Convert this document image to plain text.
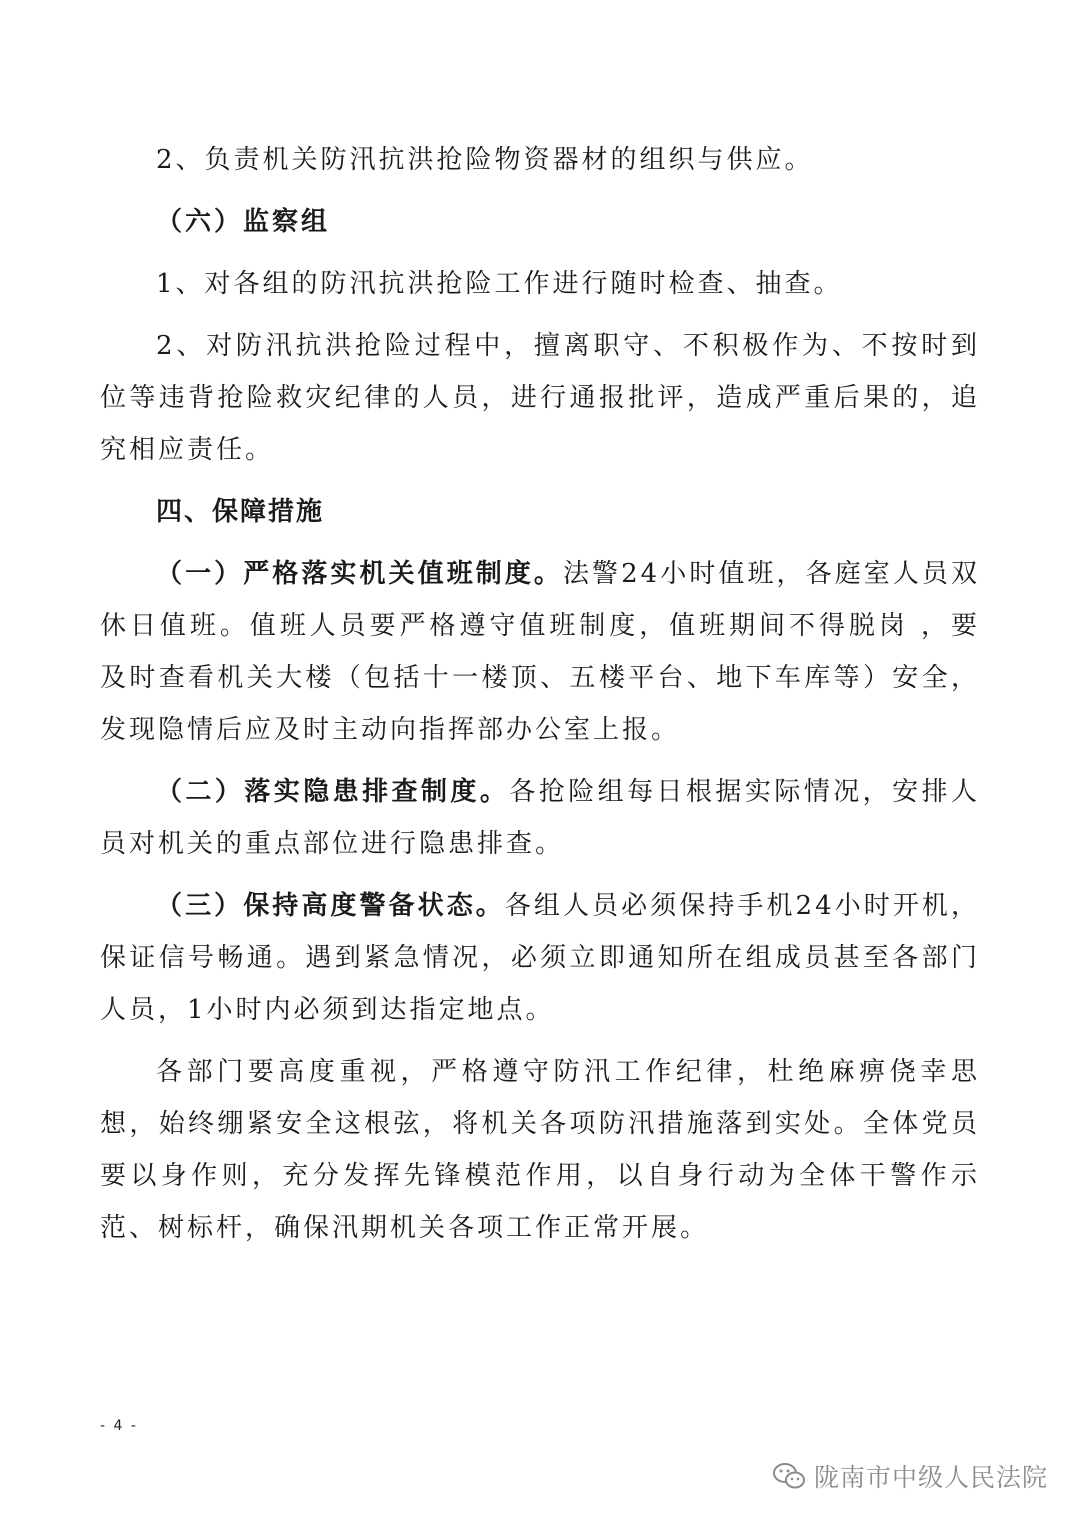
2、负责机关防汛抗洪抢险物资器材的组织与供应。

（六）监察组

1、对各组的防汛抗洪抢险工作进行随时检查、抽查。

2、对防汛抗洪抢险过程中，擅离职守、不积极作为、不按时到位等违背抢险救灾纪律的人员，进行通报批评，造成严重后果的，追究相应责任。

四、保障措施

（一）严格落实机关值班制度。法警24小时值班，各庭室人员双休日值班。值班人员要严格遵守值班制度，值班期间不得脱岗 ，要及时查看机关大楼（包括十一楼顶、五楼平台、地下车库等）安全，发现隐情后应及时主动向指挥部办公室上报。

（二）落实隐患排查制度。各抢险组每日根据实际情况，安排人员对机关的重点部位进行隐患排查。

（三）保持高度警备状态。各组人员必须保持手机24小时开机，保证信号畅通。遇到紧急情况，必须立即通知所在组成员甚至各部门人员，1小时内必须到达指定地点。

各部门要高度重视，严格遵守防汛工作纪律，杜绝麻痹侥幸思想，始终绷紧安全这根弦，将机关各项防汛措施落到实处。全体党员要以身作则，充分发挥先锋模范作用，以自身行动为全体干警作示范、树标杆，确保汛期机关各项工作正常开展。

- 4 -
陇南市中级人民法院
